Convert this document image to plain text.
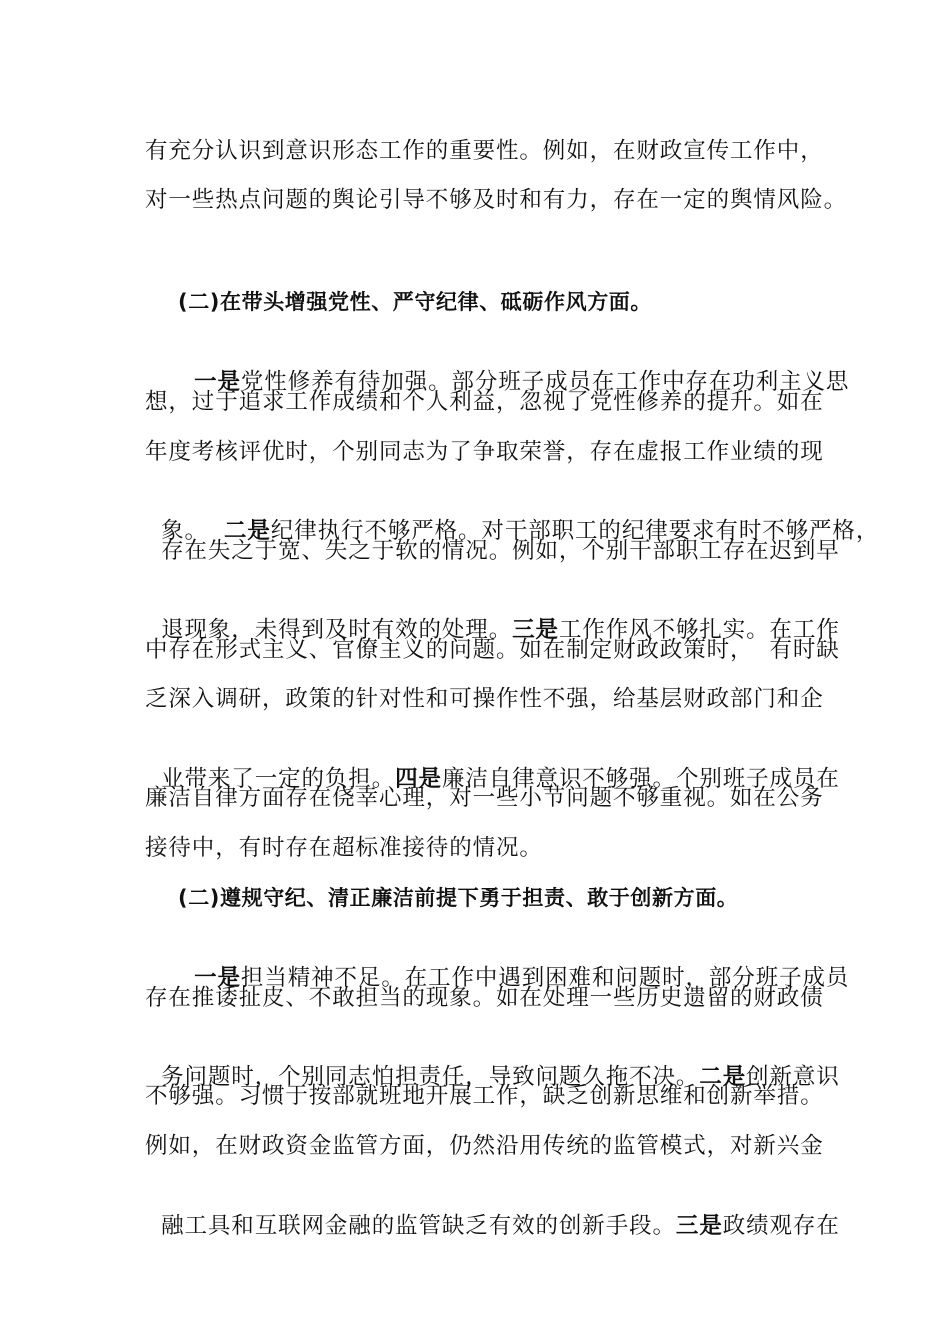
有充分认识到意识形态工作的重要性。例如，在财政宣传工作中，
对一些热点问题的舆论引导不够及时和有力，存在一定的舆情风险。
(二)在带头增强党性、严守纪律、砥砺作风方面。

一是党性修养有待加强。部分班子成员在工作中存在功利主义思

想，过于追求工作成绩和个人利益，忽视了党性修养的提升。如在
年度考核评优时，个别同志为了争取荣誉，存在虚报工作业绩的现

象。  二是纪律执行不够严格。对干部职工的纪律要求有时不够严格，

存在失之于宽、失之于软的情况。例如，个别干部职工存在迟到早

退现象，未得到及时有效的处理。三是工作作风不够扎实。在工作

中存在形式主义、官僚主义的问题。如在制定财政政策时，  有时缺
乏深入调研，政策的针对性和可操作性不强，给基层财政部门和企

业带来了一定的负担。四是廉洁自律意识不够强。个别班子成员在

廉洁自律方面存在侥幸心理，对一些小节问题不够重视。如在公务
接待中，有时存在超标准接待的情况。
(二)遵规守纪、清正廉洁前提下勇于担责、敢于创新方面。

一是担当精神不足。在工作中遇到困难和问题时，部分班子成员

存在推诿扯皮、不敢担当的现象。如在处理一些历史遗留的财政债

务问题时，个别同志怕担责任，导致问题久拖不决。二是创新意识

不够强。习惯于按部就班地开展工作，缺乏创新思维和创新举措。
例如，在财政资金监管方面，仍然沿用传统的监管模式，对新兴金

融工具和互联网金融的监管缺乏有效的创新手段。三是政绩观存在
